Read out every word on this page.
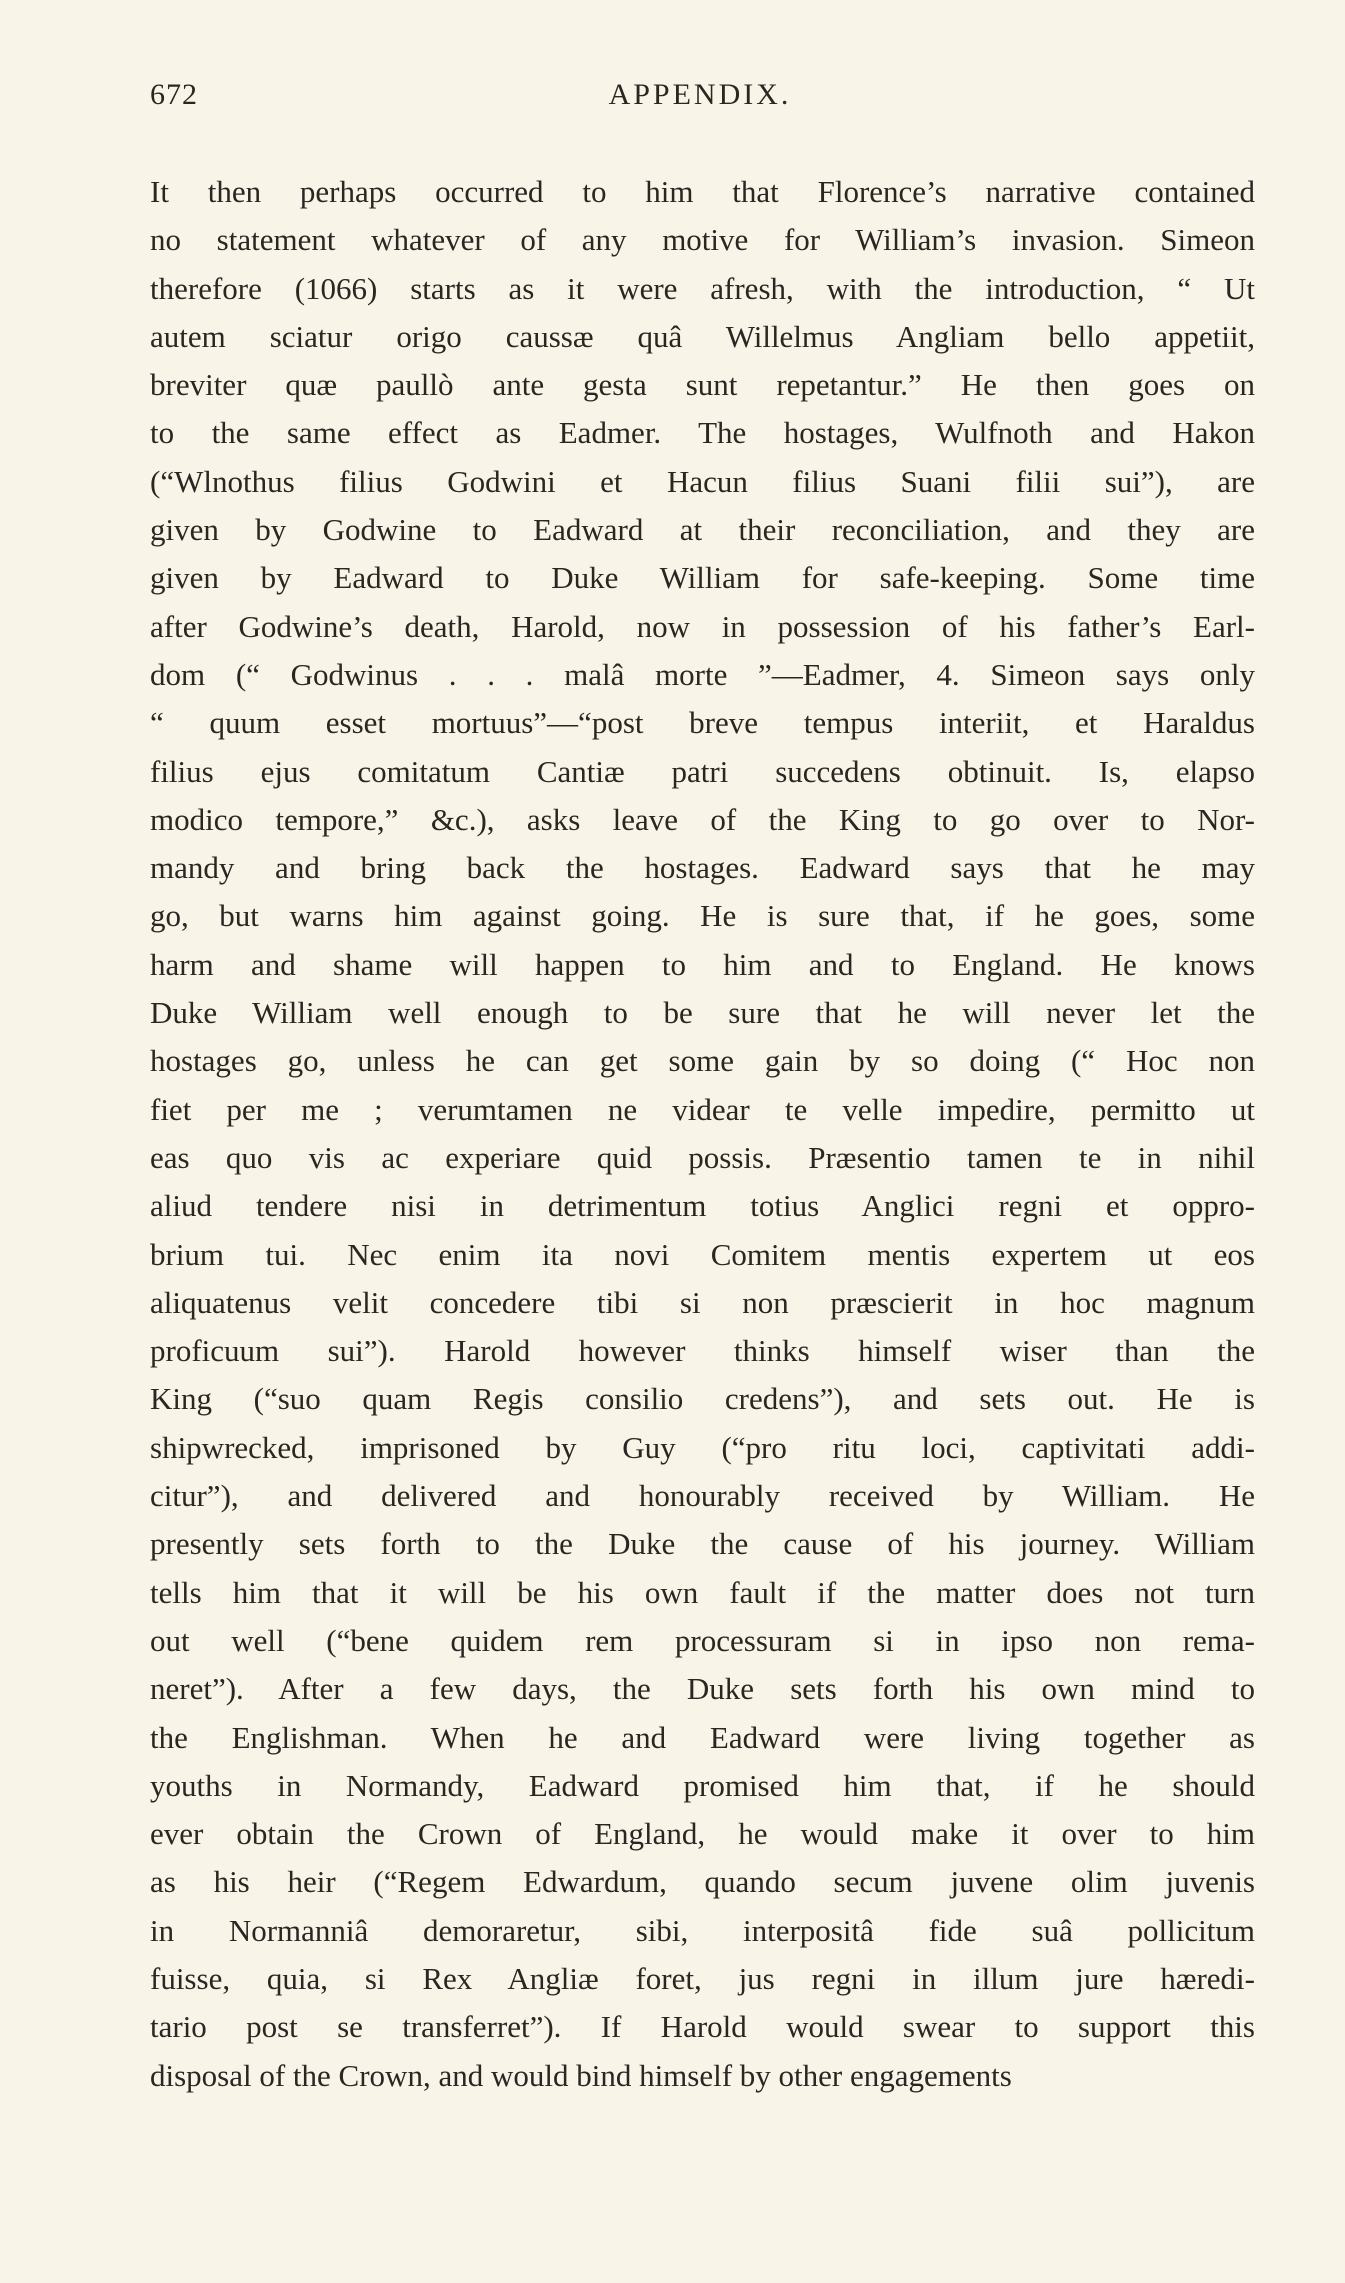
672	APPENDIX.
It then perhaps occurred to him that Florence’s narrative contained
no statement whatever of any motive for William’s invasion. Simeon
therefore (1066) starts as it were afresh, with the introduction, “ Ut
autem sciatur origo caussæ quâ Willelmus Angliam bello appetiit,
breviter quæ paullò ante gesta sunt repetantur.” He then goes on
to the same effect as Eadmer. The hostages, Wulfnoth and Hakon
(“Wlnothus filius Godwini et Hacun filius Suani filii sui”), are
given by Godwine to Eadward at their reconciliation, and they are
given by Eadward to Duke William for safe-keeping. Some time
after Godwine’s death, Harold, now in possession of his father’s Earl-
dom (“ Godwinus . . . malâ morte ”—Eadmer, 4. Simeon says only
“ quum esset mortuus”—“post breve tempus interiit, et Haraldus
filius ejus comitatum Cantiæ patri succedens obtinuit. Is, elapso
modico tempore,” &c.), asks leave of the King to go over to Nor-
mandy and bring back the hostages. Eadward says that he may
go, but warns him against going. He is sure that, if he goes, some
harm and shame will happen to him and to England. He knows
Duke William well enough to be sure that he will never let the
hostages go, unless he can get some gain by so doing (“ Hoc non
fiet per me ; verumtamen ne videar te velle impedire, permitto ut
eas quo vis ac experiare quid possis. Præsentio tamen te in nihil
aliud tendere nisi in detrimentum totius Anglici regni et oppro-
brium tui. Nec enim ita novi Comitem mentis expertem ut eos
aliquatenus velit concedere tibi si non præscierit in hoc magnum
proficuum sui”). Harold however thinks himself wiser than the
King (“suo quam Regis consilio credens”), and sets out. He is
shipwrecked, imprisoned by Guy (“pro ritu loci, captivitati addi-
citur”), and delivered and honourably received by William. He
presently sets forth to the Duke the cause of his journey. William
tells him that it will be his own fault if the matter does not turn
out well (“bene quidem rem processuram si in ipso non rema-
neret”). After a few days, the Duke sets forth his own mind to
the Englishman. When he and Eadward were living together as
youths in Normandy, Eadward promised him that, if he should
ever obtain the Crown of England, he would make it over to him
as his heir (“Regem Edwardum, quando secum juvene olim juvenis
in Normanniâ demoraretur, sibi, interpositâ fide suâ pollicitum
fuisse, quia, si Rex Angliæ foret, jus regni in illum jure hæredi-
tario post se transferret”). If Harold would swear to support this
disposal of the Crown, and would bind himself by other engagements
